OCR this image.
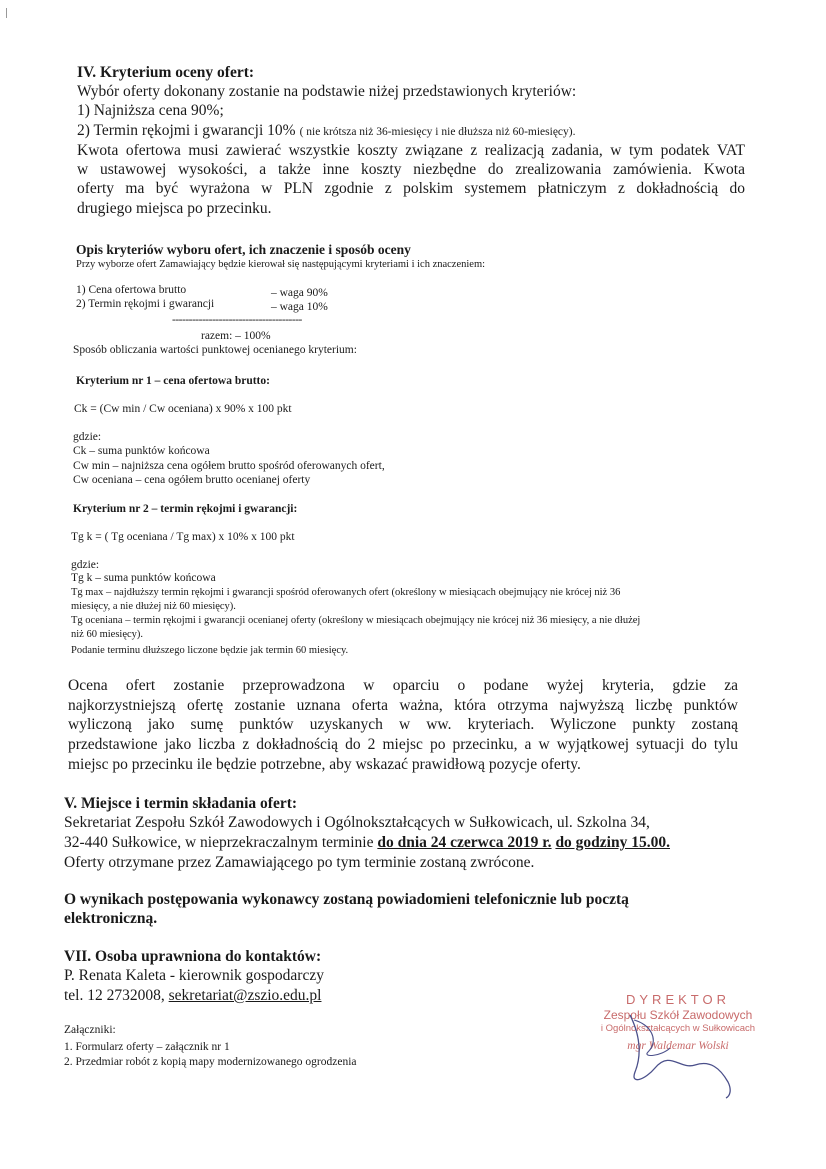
IV. Kryterium oceny ofert:
Wybór oferty dokonany zostanie na podstawie niżej przedstawionych kryteriów:
1) Najniższa cena 90%;
2) Termin rękojmi i gwarancji 10% ( nie krótsza niż 36-miesięcy i nie dłuższa niż 60-miesięcy).
Kwota ofertowa musi zawierać wszystkie koszty związane z realizacją zadania, w tym podatek VAT
w ustawowej wysokości, a także inne koszty niezbędne do zrealizowania zamówienia. Kwota
oferty ma być wyrażona w PLN zgodnie z polskim systemem płatniczym z dokładnością do
drugiego miejsca po przecinku.
Opis kryteriów wyboru ofert, ich znaczenie i sposób oceny
Przy wyborze ofert Zamawiający będzie kierował się następującymi kryteriami i ich znaczeniem:
1) Cena ofertowa brutto	– waga 90%
2) Termin rękojmi i gwarancji	– waga 10%
---------------------------------------
razem: – 100%
Sposób obliczania wartości punktowej ocenianego kryterium:
Kryterium nr 1 – cena ofertowa brutto:
Ck = (Cw min / Cw oceniana) x 90% x 100 pkt
gdzie:
Ck – suma punktów końcowa
Cw min – najniższa cena ogółem brutto spośród oferowanych ofert,
Cw oceniana – cena ogółem brutto ocenianej oferty
Kryterium nr 2 – termin rękojmi i gwarancji:
Tg k = ( Tg oceniana / Tg max) x 10% x 100 pkt
gdzie:
Tg k – suma punktów końcowa
Tg max – najdłuższy termin rękojmi i gwarancji spośród oferowanych ofert (określony w miesiącach obejmujący nie krócej niż 36
miesięcy, a nie dłużej niż 60 miesięcy).
Tg oceniana – termin rękojmi i gwarancji ocenianej oferty (określony w miesiącach obejmujący nie krócej niż 36 miesięcy, a nie dłużej
niż 60 miesięcy).
Podanie terminu dłuższego liczone będzie jak termin 60 miesięcy.
Ocena ofert zostanie przeprowadzona w oparciu o podane wyżej kryteria, gdzie za
najkorzystniejszą ofertę zostanie uznana oferta ważna, która otrzyma najwyższą liczbę punktów
wyliczoną jako sumę punktów uzyskanych w ww. kryteriach. Wyliczone punkty zostaną
przedstawione jako liczba z dokładnością do 2 miejsc po przecinku, a w wyjątkowej sytuacji do tylu
miejsc po przecinku ile będzie potrzebne, aby wskazać prawidłową pozycje oferty.
V. Miejsce i termin składania ofert:
Sekretariat Zespołu Szkół Zawodowych i Ogólnokształcących w Sułkowicach, ul. Szkolna 34,
32-440 Sułkowice, w nieprzekraczalnym terminie do dnia 24 czerwca 2019 r. do godziny 15.00.
Oferty otrzymane przez Zamawiającego po tym terminie zostaną zwrócone.
O wynikach postępowania wykonawcy zostaną powiadomieni telefonicznie lub pocztą
elektroniczną.
VII. Osoba uprawniona do kontaktów:
P. Renata Kaleta - kierownik gospodarczy
tel. 12 2732008, sekretariat@zszio.edu.pl
Załączniki:
1. Formularz oferty – załącznik nr 1
2. Przedmiar robót z kopią mapy modernizowanego ogrodzenia
DYREKTOR
Zespołu Szkół Zawodowych
i Ogólnokształcących w Sułkowicach
mgr Waldemar Wolski
